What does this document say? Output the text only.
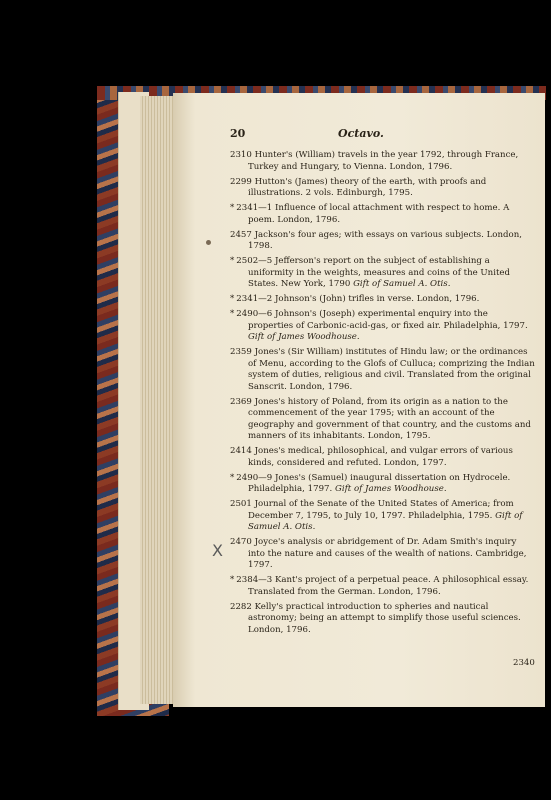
X
20	Octavo.
2310 Hunter's (William) travels in the year 1792, through France, Turkey and Hungary, to Vienna. London, 1796.
2299 Hutton's (James) theory of the earth, with proofs and illustrations. 2 vols. Edinburgh, 1795.
* 2341—1 Influence of local attachment with respect to home. A poem. London, 1796.
2457 Jackson's four ages; with essays on various subjects. London, 1798.
* 2502—5 Jefferson's report on the subject of establishing a uniformity in the weights, measures and coins of the United States. New York, 1790 Gift of Samuel A. Otis.
* 2341—2 Johnson's (John) trifles in verse. London, 1796.
* 2490—6 Johnson's (Joseph) experimental enquiry into the properties of Carbonic-acid-gas, or fixed air. Philadelphia, 1797. Gift of James Woodhouse.
2359 Jones's (Sir William) institutes of Hindu law; or the ordinances of Menu, according to the Glofs of Culluca; comprizing the Indian system of duties, religious and civil. Translated from the original Sanscrit. London, 1796.
2369 Jones's history of Poland, from its origin as a nation to the commencement of the year 1795; with an account of the geography and government of that country, and the customs and manners of its inhabitants. London, 1795.
2414 Jones's medical, philosophical, and vulgar errors of various kinds, considered and refuted. London, 1797.
* 2490—9 Jones's (Samuel) inaugural dissertation on Hydrocele. Philadelphia, 1797. Gift of James Woodhouse.
2501 Journal of the Senate of the United States of America; from December 7, 1795, to July 10, 1797. Philadelphia, 1795. Gift of Samuel A. Otis.
2470 Joyce's analysis or abridgement of Dr. Adam Smith's inquiry into the nature and causes of the wealth of nations. Cambridge, 1797.
* 2384—3 Kant's project of a perpetual peace. A philosophical essay. Translated from the German. London, 1796.
2282 Kelly's practical introduction to spheries and nautical astronomy; being an attempt to simplify those useful sciences. London, 1796.
2340
